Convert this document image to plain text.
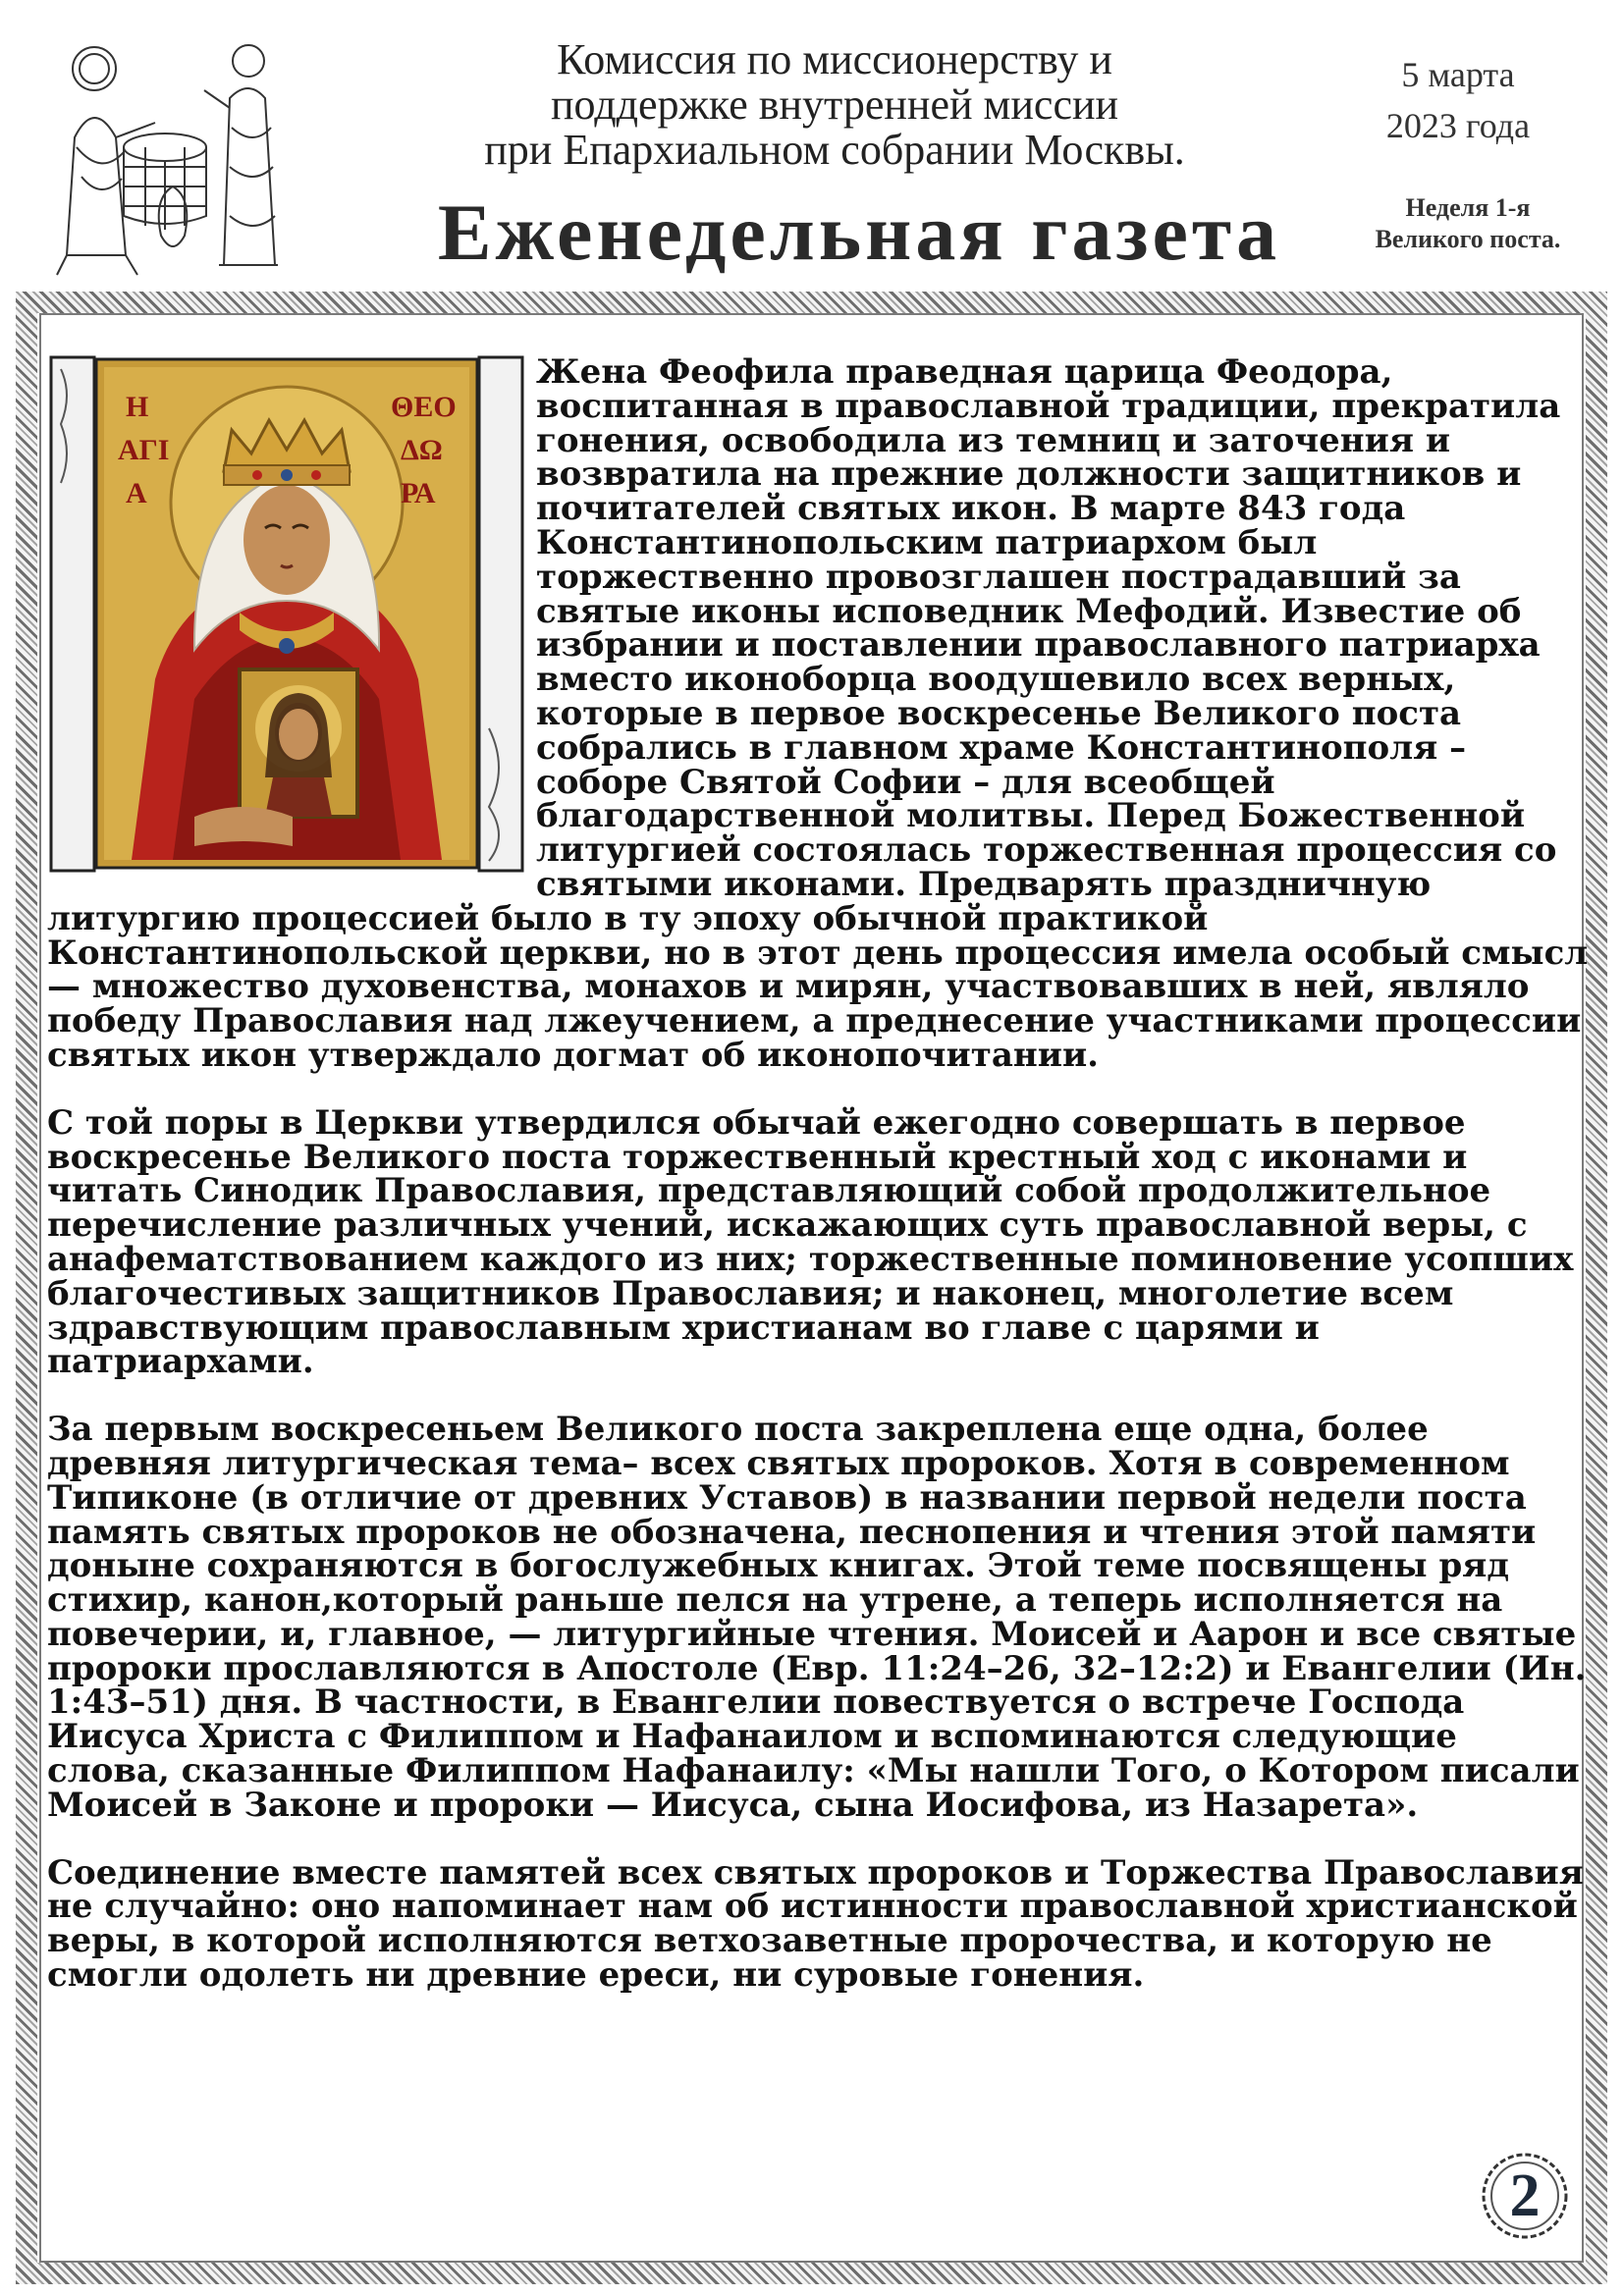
Комиссия по миссионерству и
поддержке внутренней миссии
при Епархиальном собрании Москвы.
Еженедельная газета
5 марта
2023 года
Неделя 1-я
Великого поста.
Н
АГІ
А
ΘΕΟ
ΔΩ
ΡΑ

Жена Феофила праведная царица Феодора, воспитанная в православной традиции, прекратила гонения, освободила из темниц и заточения и возвратила на прежние должности защитников и почитателей святых икон. В марте 843 года Константинопольским патриархом был торжественно провозглашен пострадавший за святые иконы исповедник Мефодий. Известие об избрании и поставлении православного патриарха вместо иконоборца воодушевило всех верных, которые в первое воскресенье Великого поста собрались в главном храме Константинополя – соборе Святой Софии – для всеобщей благодарственной молитвы. Перед Божественной литургией состоялась торжественная процессия со святыми иконами. Предварять праздничную литургию процессией было в ту эпоху обычной практикой Константинопольской церкви, но в этот день процессия имела особый смысл — множество духовенства, монахов и мирян, участвовавших в ней, являло победу Православия над лжеучением, а преднесение участниками процессии святых икон утверждало догмат об иконопочитании.

С той поры в Церкви утвердился обычай ежегодно совершать в первое воскресенье Великого поста торжественный крестный ход с иконами и читать Синодик Православия, представляющий собой продолжительное перечисление различных учений, искажающих суть православной веры, с анафематствованием каждого из них; торжественные поминовение усопших благочестивых защитников Православия; и наконец, многолетие всем здравствующим православным христианам во главе с царями и патриархами.

За первым воскресеньем Великого поста закреплена еще одна, более древняя литургическая тема– всех святых пророков. Хотя в современном Типиконе (в отличие от древних Уставов) в названии первой недели поста память святых пророков не обозначена, песнопения и чтения этой памяти доныне сохраняются в богослужебных книгах. Этой теме посвящены ряд стихир, канон,который раньше пелся на утрене, а теперь исполняется на повечерии, и, главное, — литургийные чтения. Моисей и Аарон и все святые пророки прославляются в Апостоле (Евр. 11:24–26, 32–12:2) и Евангелии (Ин. 1:43–51) дня. В частности, в Евангелии повествуется о встрече Господа Иисуса Христа с Филиппом и Нафанаилом и вспоминаются следующие слова, сказанные Филиппом Нафанаилу: «Мы нашли Того, о Котором писали Моисей в Законе и пророки — Иисуса, сына Иосифова, из Назарета».

Соединение вместе памятей всех святых пророков и Торжества Православия не случайно: оно напоминает нам об истинности православной христианской веры, в которой исполняются ветхозаветные пророчества, и которую не смогли одолеть ни древние ереси, ни суровые гонения.

2
